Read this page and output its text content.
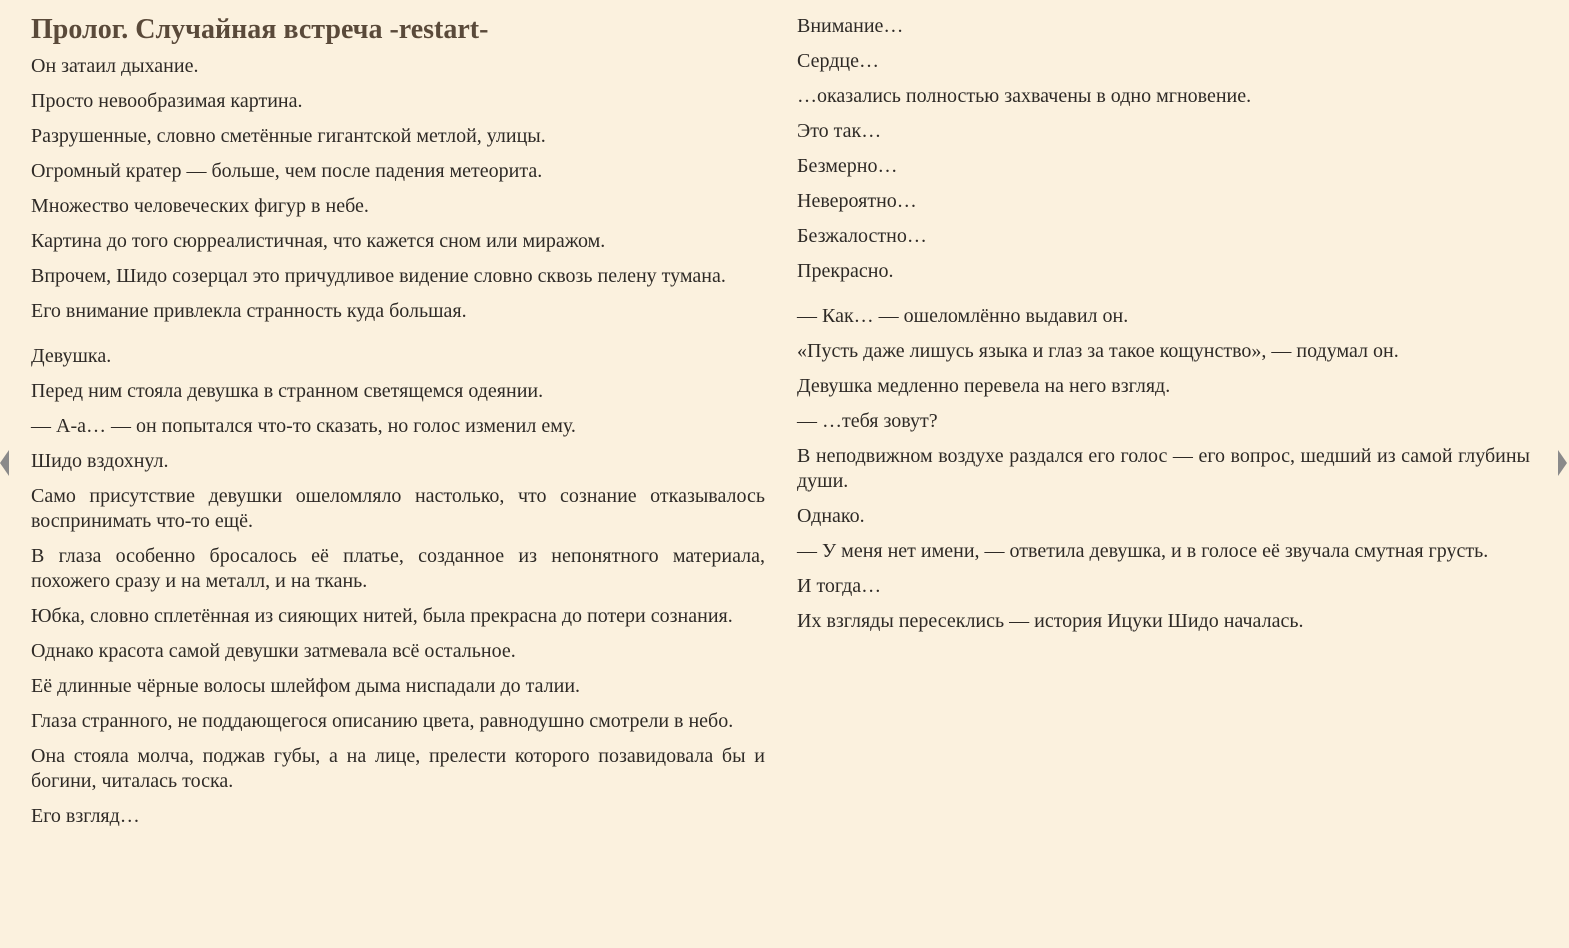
Пролог. Случайная встреча -restart-

Он затаил дыхание.

Просто невообразимая картина.

Разрушенные, словно сметённые гигантской метлой, улицы.

Огромный кратер — больше, чем после падения метеорита.

Множество человеческих фигур в небе.

Картина до того сюрреалистичная, что кажется сном или миражом.

Впрочем, Шидо созерцал это причудливое видение словно сквозь пелену тумана.

Его внимание привлекла странность куда большая.

Девушка.

Перед ним стояла девушка в странном светящемся одеянии.

— А-а… — он попытался что-то сказать, но голос изменил ему.

Шидо вздохнул.

Само присутствие девушки ошеломляло настолько, что сознание отказывалось воспринимать что-то ещё.

В глаза особенно бросалось её платье, созданное из непонятного материала, похожего сразу и на металл, и на ткань.

Юбка, словно сплетённая из сияющих нитей, была прекрасна до потери сознания.

Однако красота самой девушки затмевала всё остальное.

Её длинные чёрные волосы шлейфом дыма ниспадали до талии.

Глаза странного, не поддающегося описанию цвета, равнодушно смотрели в небо.

Она стояла молча, поджав губы, а на лице, прелести которого позавидовала бы и богини, читалась тоска.

Его взгляд…

Внимание…

Сердце…

…оказались полностью захвачены в одно мгновение.

Это так…

Безмерно…

Невероятно…

Безжалостно…

Прекрасно.

— Как… — ошеломлённо выдавил он.

«Пусть даже лишусь языка и глаз за такое кощунство», — подумал он.

Девушка медленно перевела на него взгляд.

— …тебя зовут?

В неподвижном воздухе раздался его голос — его вопрос, шедший из самой глубины души.

Однако.

— У меня нет имени, — ответила девушка, и в голосе её звучала смутная грусть.

И тогда…

Их взгляды пересеклись — история Ицуки Шидо началась.
